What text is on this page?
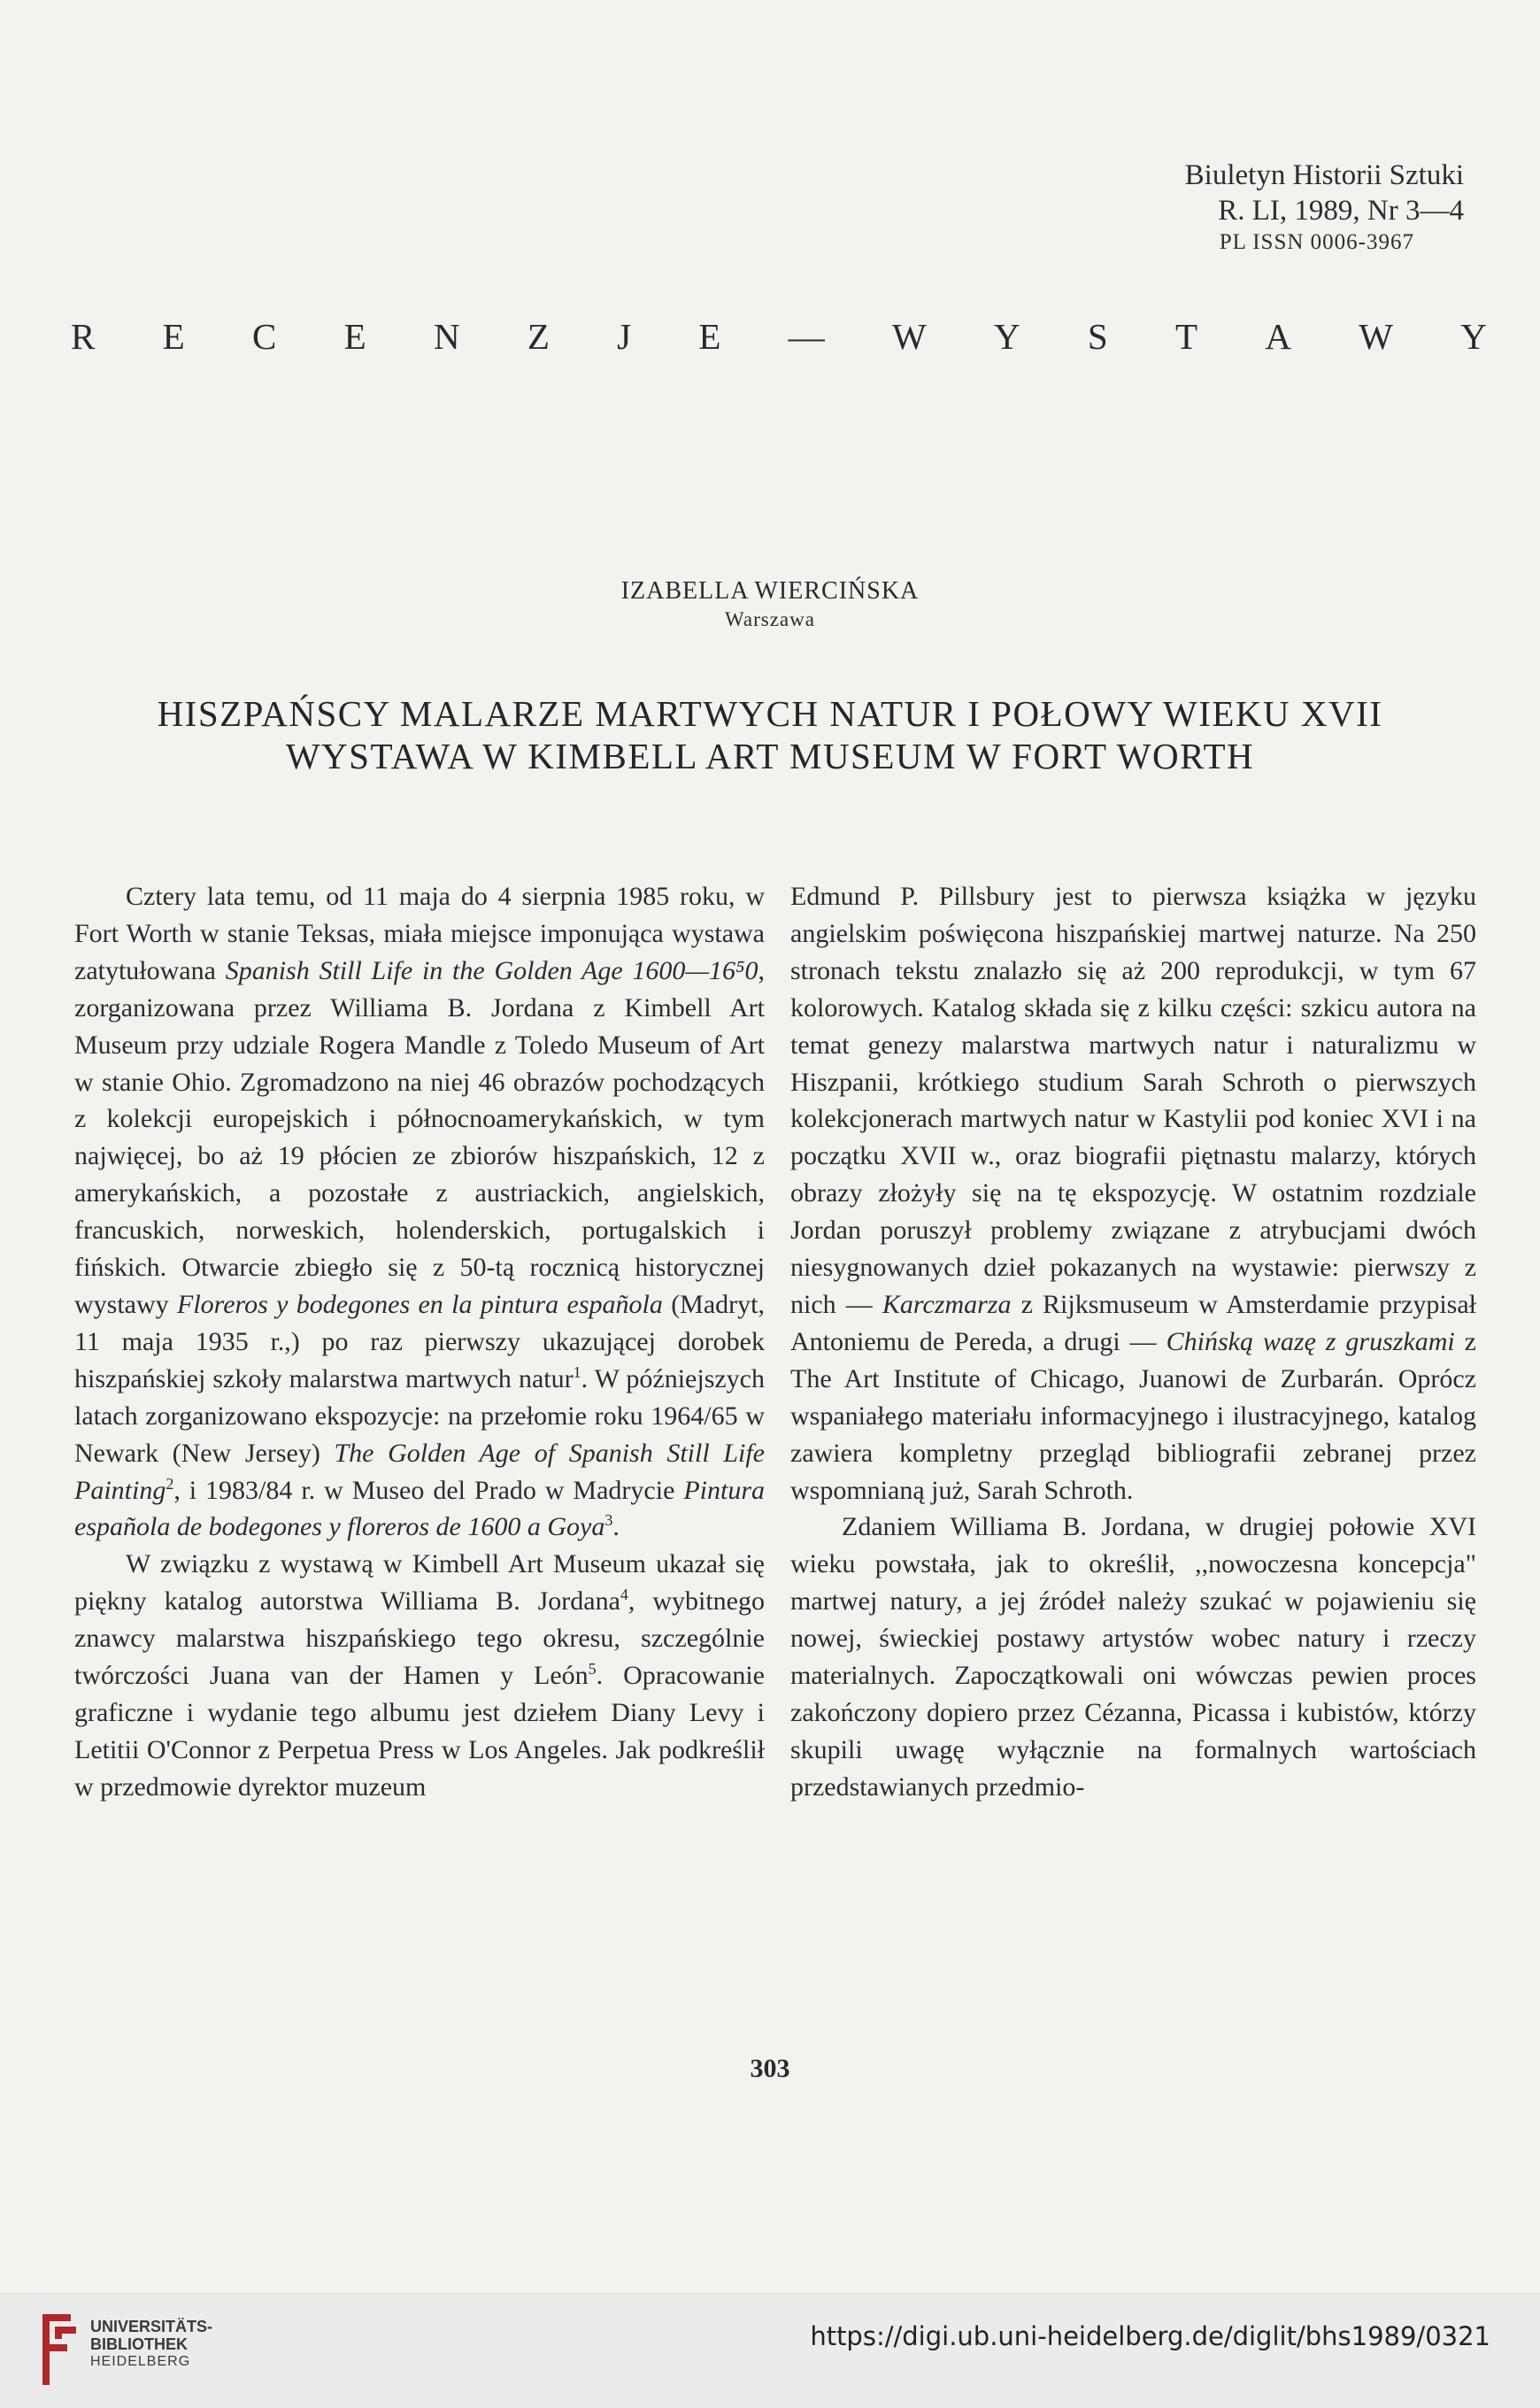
Biuletyn Historii Sztuki
R. LI, 1989, Nr 3—4
PL ISSN 0006-3967
R E C E N Z J E — W Y S T A W Y
IZABELLA WIERCIŃSKA
Warszawa
HISZPAŃSCY MALARZE MARTWYCH NATUR I POŁOWY WIEKU XVII
WYSTAWA W KIMBELL ART MUSEUM W FORT WORTH

Cztery lata temu, od 11 maja do 4 sierpnia 1985 roku, w Fort Worth w stanie Teksas, miała miejsce imponująca wystawa zatytułowana Spanish Still Life in the Golden Age 1600—16⁵0, zorganizowana przez Williama B. Jordana z Kimbell Art Museum przy udziale Rogera Mandle z Toledo Museum of Art w stanie Ohio. Zgromadzono na niej 46 obrazów pochodzących z kolekcji europejskich i północnoamerykańskich, w tym najwięcej, bo aż 19 płócien ze zbiorów hiszpańskich, 12 z amerykańskich, a pozostałe z austriackich, angielskich, francuskich, norweskich, holenderskich, portugalskich i fińskich. Otwarcie zbiegło się z 50-tą rocznicą historycznej wystawy Floreros y bodegones en la pintura española (Madryt, 11 maja 1935 r.,) po raz pierwszy ukazującej dorobek hiszpańskiej szkoły malarstwa martwych natur$^1$. W późniejszych latach zorganizowano ekspozycje: na przełomie roku 1964/65 w Newark (New Jersey) The Golden Age of Spanish Still Life Painting$^2$, i 1983/84 r. w Museo del Prado w Madrycie Pintura española de bodegones y floreros de 1600 a Goya$^3$.

W związku z wystawą w Kimbell Art Museum ukazał się piękny katalog autorstwa Williama B. Jordana$^4$, wybitnego znawcy malarstwa hiszpańskiego tego okresu, szczególnie twórczości Juana van der Hamen y León$^5$. Opracowanie graficzne i wydanie tego albumu jest dziełem Diany Levy i Letitii O'Connor z Perpetua Press w Los Angeles. Jak podkreślił w przedmowie dyrektor muzeum

Edmund P. Pillsbury jest to pierwsza książka w języku angielskim poświęcona hiszpańskiej martwej naturze. Na 250 stronach tekstu znalazło się aż 200 reprodukcji, w tym 67 kolorowych. Katalog składa się z kilku części: szkicu autora na temat genezy malarstwa martwych natur i naturalizmu w Hiszpanii, krótkiego studium Sarah Schroth o pierwszych kolekcjonerach martwych natur w Kastylii pod koniec XVI i na początku XVII w., oraz biografii piętnastu malarzy, których obrazy złożyły się na tę ekspozycję. W ostatnim rozdziale Jordan poruszył problemy związane z atrybucjami dwóch niesygnowanych dzieł pokazanych na wystawie: pierwszy z nich — Karczmarza z Rijksmuseum w Amsterdamie przypisał Antoniemu de Pereda, a drugi — Chińską wazę z gruszkami z The Art Institute of Chicago, Juanowi de Zurbarán. Oprócz wspaniałego materiału informacyjnego i ilustracyjnego, katalog zawiera kompletny przegląd bibliografii zebranej przez wspomnianą już, Sarah Schroth.

Zdaniem Williama B. Jordana, w drugiej połowie XVI wieku powstała, jak to określił, ,,nowoczesna koncepcja" martwej natury, a jej źródeł należy szukać w pojawieniu się nowej, świeckiej postawy artystów wobec natury i rzeczy materialnych. Zapoczątkowali oni wówczas pewien proces zakończony dopiero przez Cézanna, Picassa i kubistów, którzy skupili uwagę wyłącznie na formalnych wartościach przedstawianych przedmio-

303
UNIVERSITÄTS-
BIBLIOTHEK
HEIDELBERG
https://digi.ub.uni-heidelberg.de/diglit/bhs1989/0321
